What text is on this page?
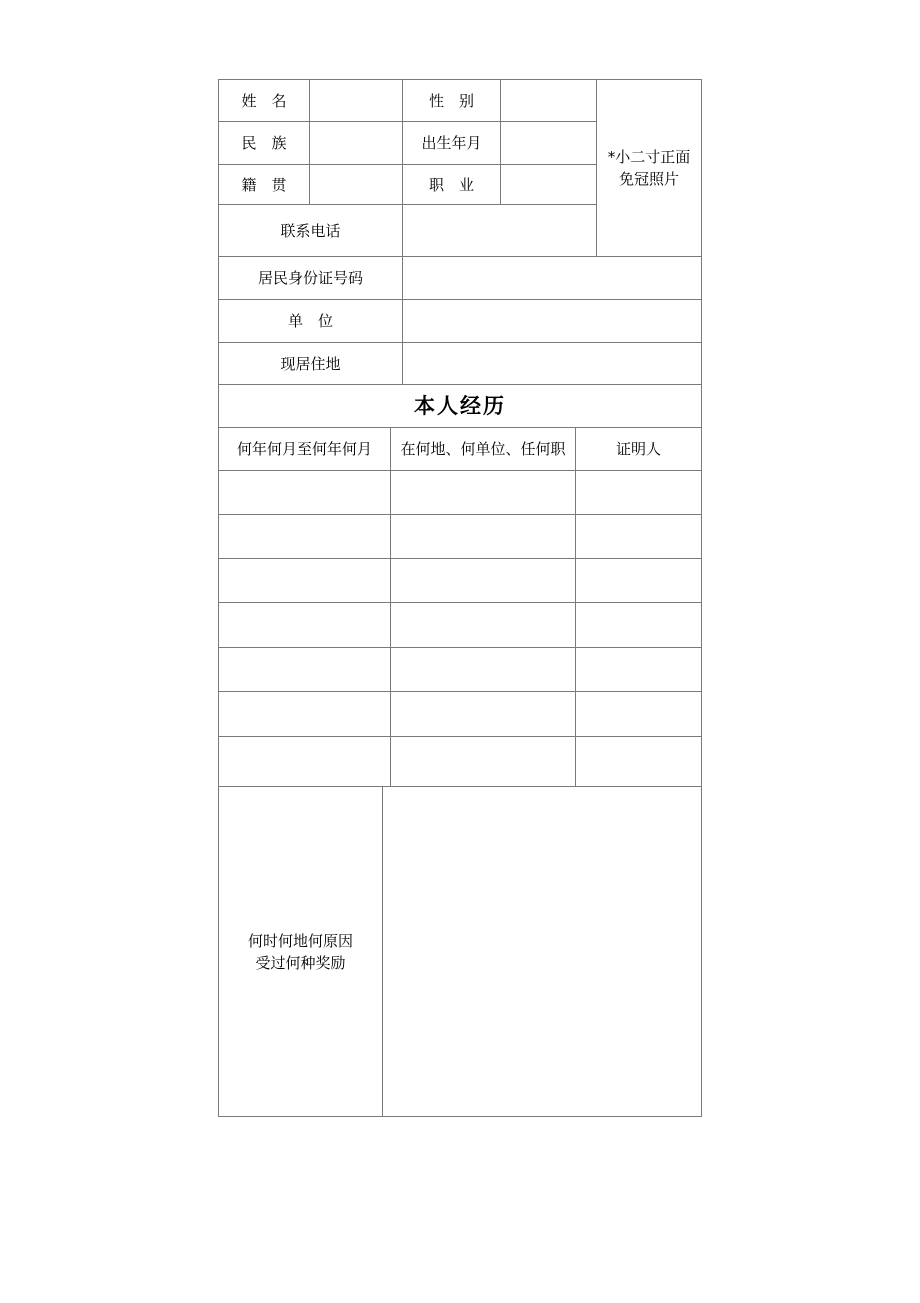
姓　名	性　别
*小二寸正面
免冠照片
民　族	出生年月
籍　贯	职　业
联系电话
居民身份证号码
单　位
现居住地
本人经历
何年何月至何年何月	在何地、何单位、任何职	证明人
何时何地何原因
受过何种奖励
